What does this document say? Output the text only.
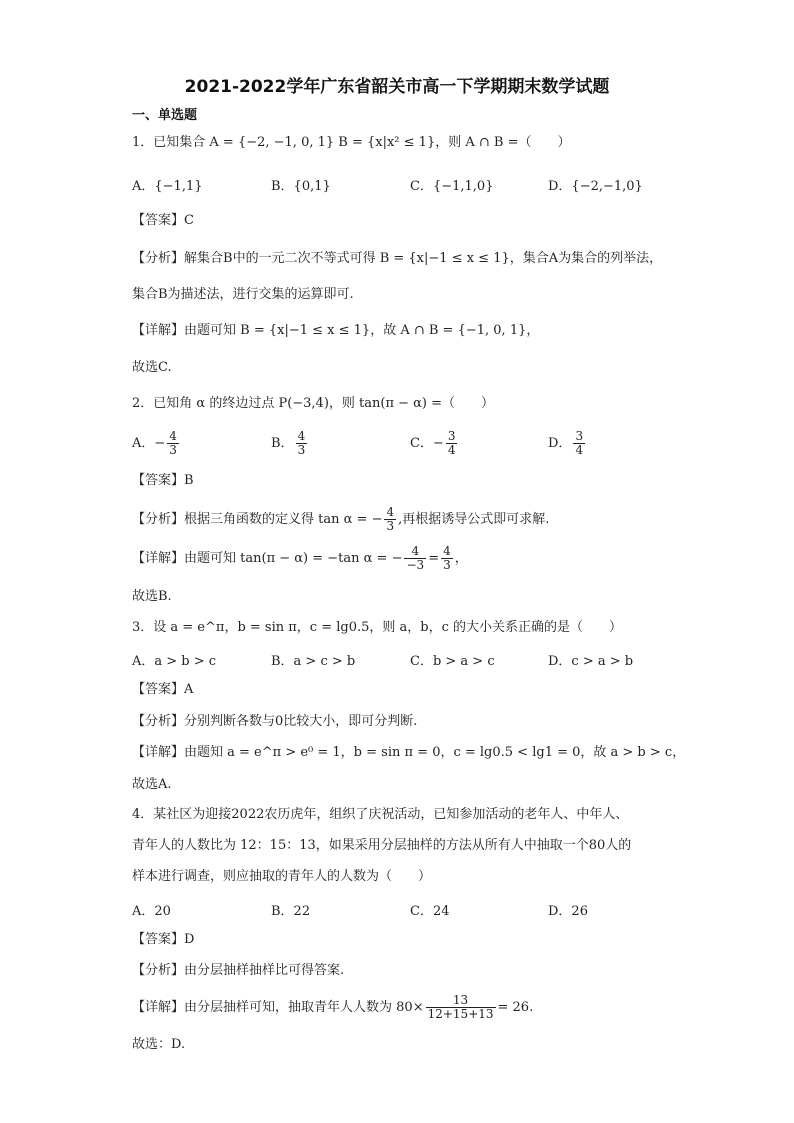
2021-2022学年广东省韶关市高一下学期期末数学试题
一、单选题
1．已知集合 A = {−2, −1, 0, 1} B = {x|x² ≤ 1}，则 A ∩ B =（　　）
A．{−1,1}	B．{0,1}	C．{−1,1,0}	D．{−2,−1,0}
【答案】C
【分析】解集合B中的一元二次不等式可得 B = {x|−1 ≤ x ≤ 1}，集合A为集合的列举法，
集合B为描述法，进行交集的运算即可.
【详解】由题可知 B = {x|−1 ≤ x ≤ 1}，故 A ∩ B = {−1, 0, 1}，
故选C.
2．已知角 α 的终边过点 P(−3,4)，则 tan(π − α) =（　　）
A．− $\frac{4}{3}$	B． $\frac{4}{3}$	C．− $\frac{3}{4}$	D． $\frac{3}{4}$
【答案】B
【分析】根据三角函数的定义得 tan α = − $\frac{4}{3}$ ,再根据诱导公式即可求解.
【详解】由题可知 tan(π − α) = −tan α = − $\frac{4}{-3} = \frac{4}{3}$ ，
故选B.
3．设 a = e^π，b = sin π，c = lg0.5，则 a，b，c 的大小关系正确的是（　　）
A．a > b > c	B．a > c > b	C．b > a > c	D．c > a > b
【答案】A
【分析】分别判断各数与0比较大小，即可分判断.
【详解】由题知 a = e^π > e⁰ = 1，b = sin π = 0，c = lg0.5 < lg1 = 0，故 a > b > c，
故选A.
4．某社区为迎接2022农历虎年，组织了庆祝活动，已知参加活动的老年人、中年人、
青年人的人数比为 12：15：13，如果采用分层抽样的方法从所有人中抽取一个80人的
样本进行调查，则应抽取的青年人的人数为（　　）
A．20	B．22	C．24	D．26
【答案】D
【分析】由分层抽样抽样比可得答案.
【详解】由分层抽样可知，抽取青年人人数为 $80\times \frac{13}{12+15+13} = 26$.
故选：D.
